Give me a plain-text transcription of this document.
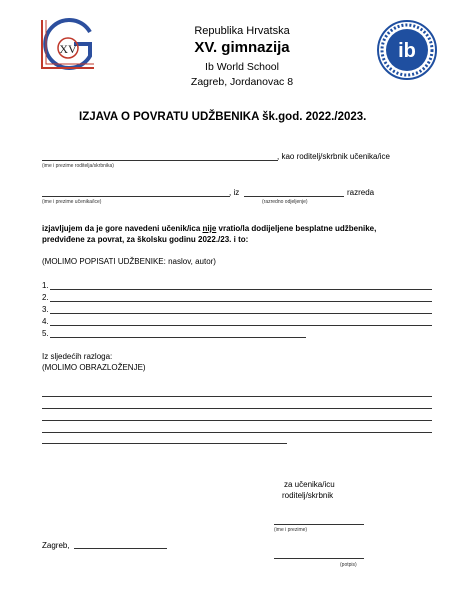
XV
Republika Hrvatska
XV. gimnazija
Ib World School
Zagreb, Jordanovac 8
ib
IZJAVA O POVRATU UDŽBENIKA šk.god. 2022./2023.
, kao roditelj/skrbnik učenika/ice
(ime i prezime roditelja/skrbnika)
, iz	razreda
(ime i prezime učenika/ice)	(razredno odjeljenje)
izjavljujem da je gore navedeni učenik/ica nije vratio/la dodijeljene besplatne udžbenike,
predviđene za povrat, za školsku godinu 2022./23. i to:
(MOLIMO POPISATI UDŽBENIKE: naslov, autor)
1.
2.
3.
4.
5.
Iz sljedećih razloga:
(MOLIMO OBRAZLOŽENJE)
za učenika/icu
roditelj/skrbnik
(ime i prezime)
Zagreb,
(potpis)
